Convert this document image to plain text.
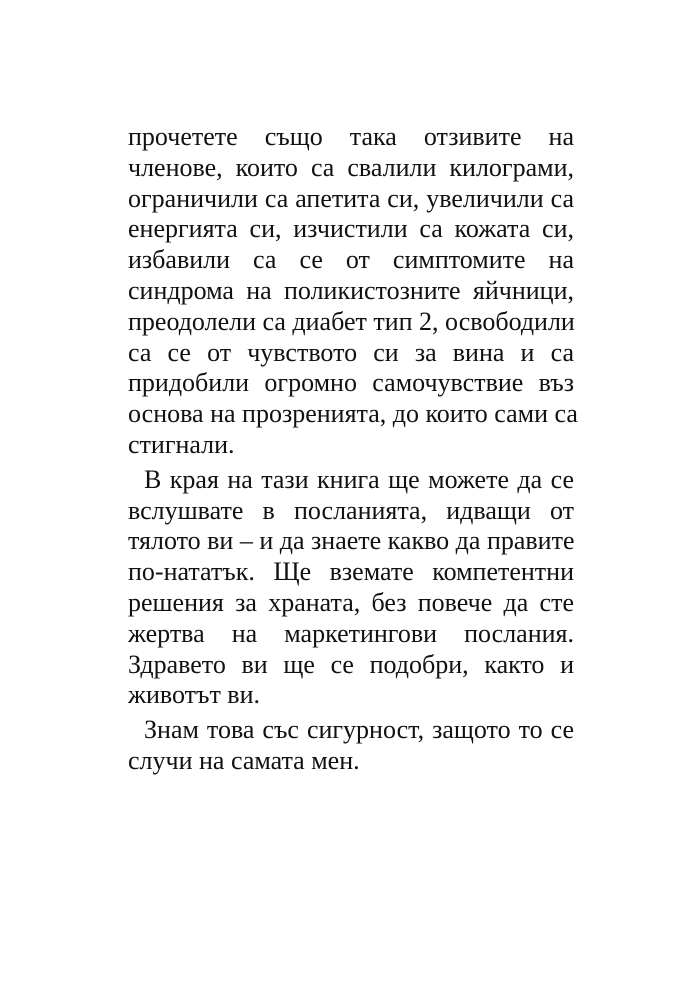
прочетете също така отзивите на
членове, които са свалили килограми,
ограничили са апетита си, увеличили са
енергията си, изчистили са кожата си,
избавили са се от симптомите на
синдрома на поликистозните яйчници,
преодолели са диабет тип 2, освободили
са се от чувството си за вина и са
придобили огромно самочувствие въз
основа на прозренията, до които сами са
стигнали.
В края на тази книга ще можете да се
вслушвате в посланията, идващи от
тялото ви – и да знаете какво да правите
по-нататък. Ще вземате компетентни
решения за храната, без повече да сте
жертва на маркетингови послания.
Здравето ви ще се подобри, както и
животът ви.
Знам това със сигурност, защото то се
случи на самата мен.
